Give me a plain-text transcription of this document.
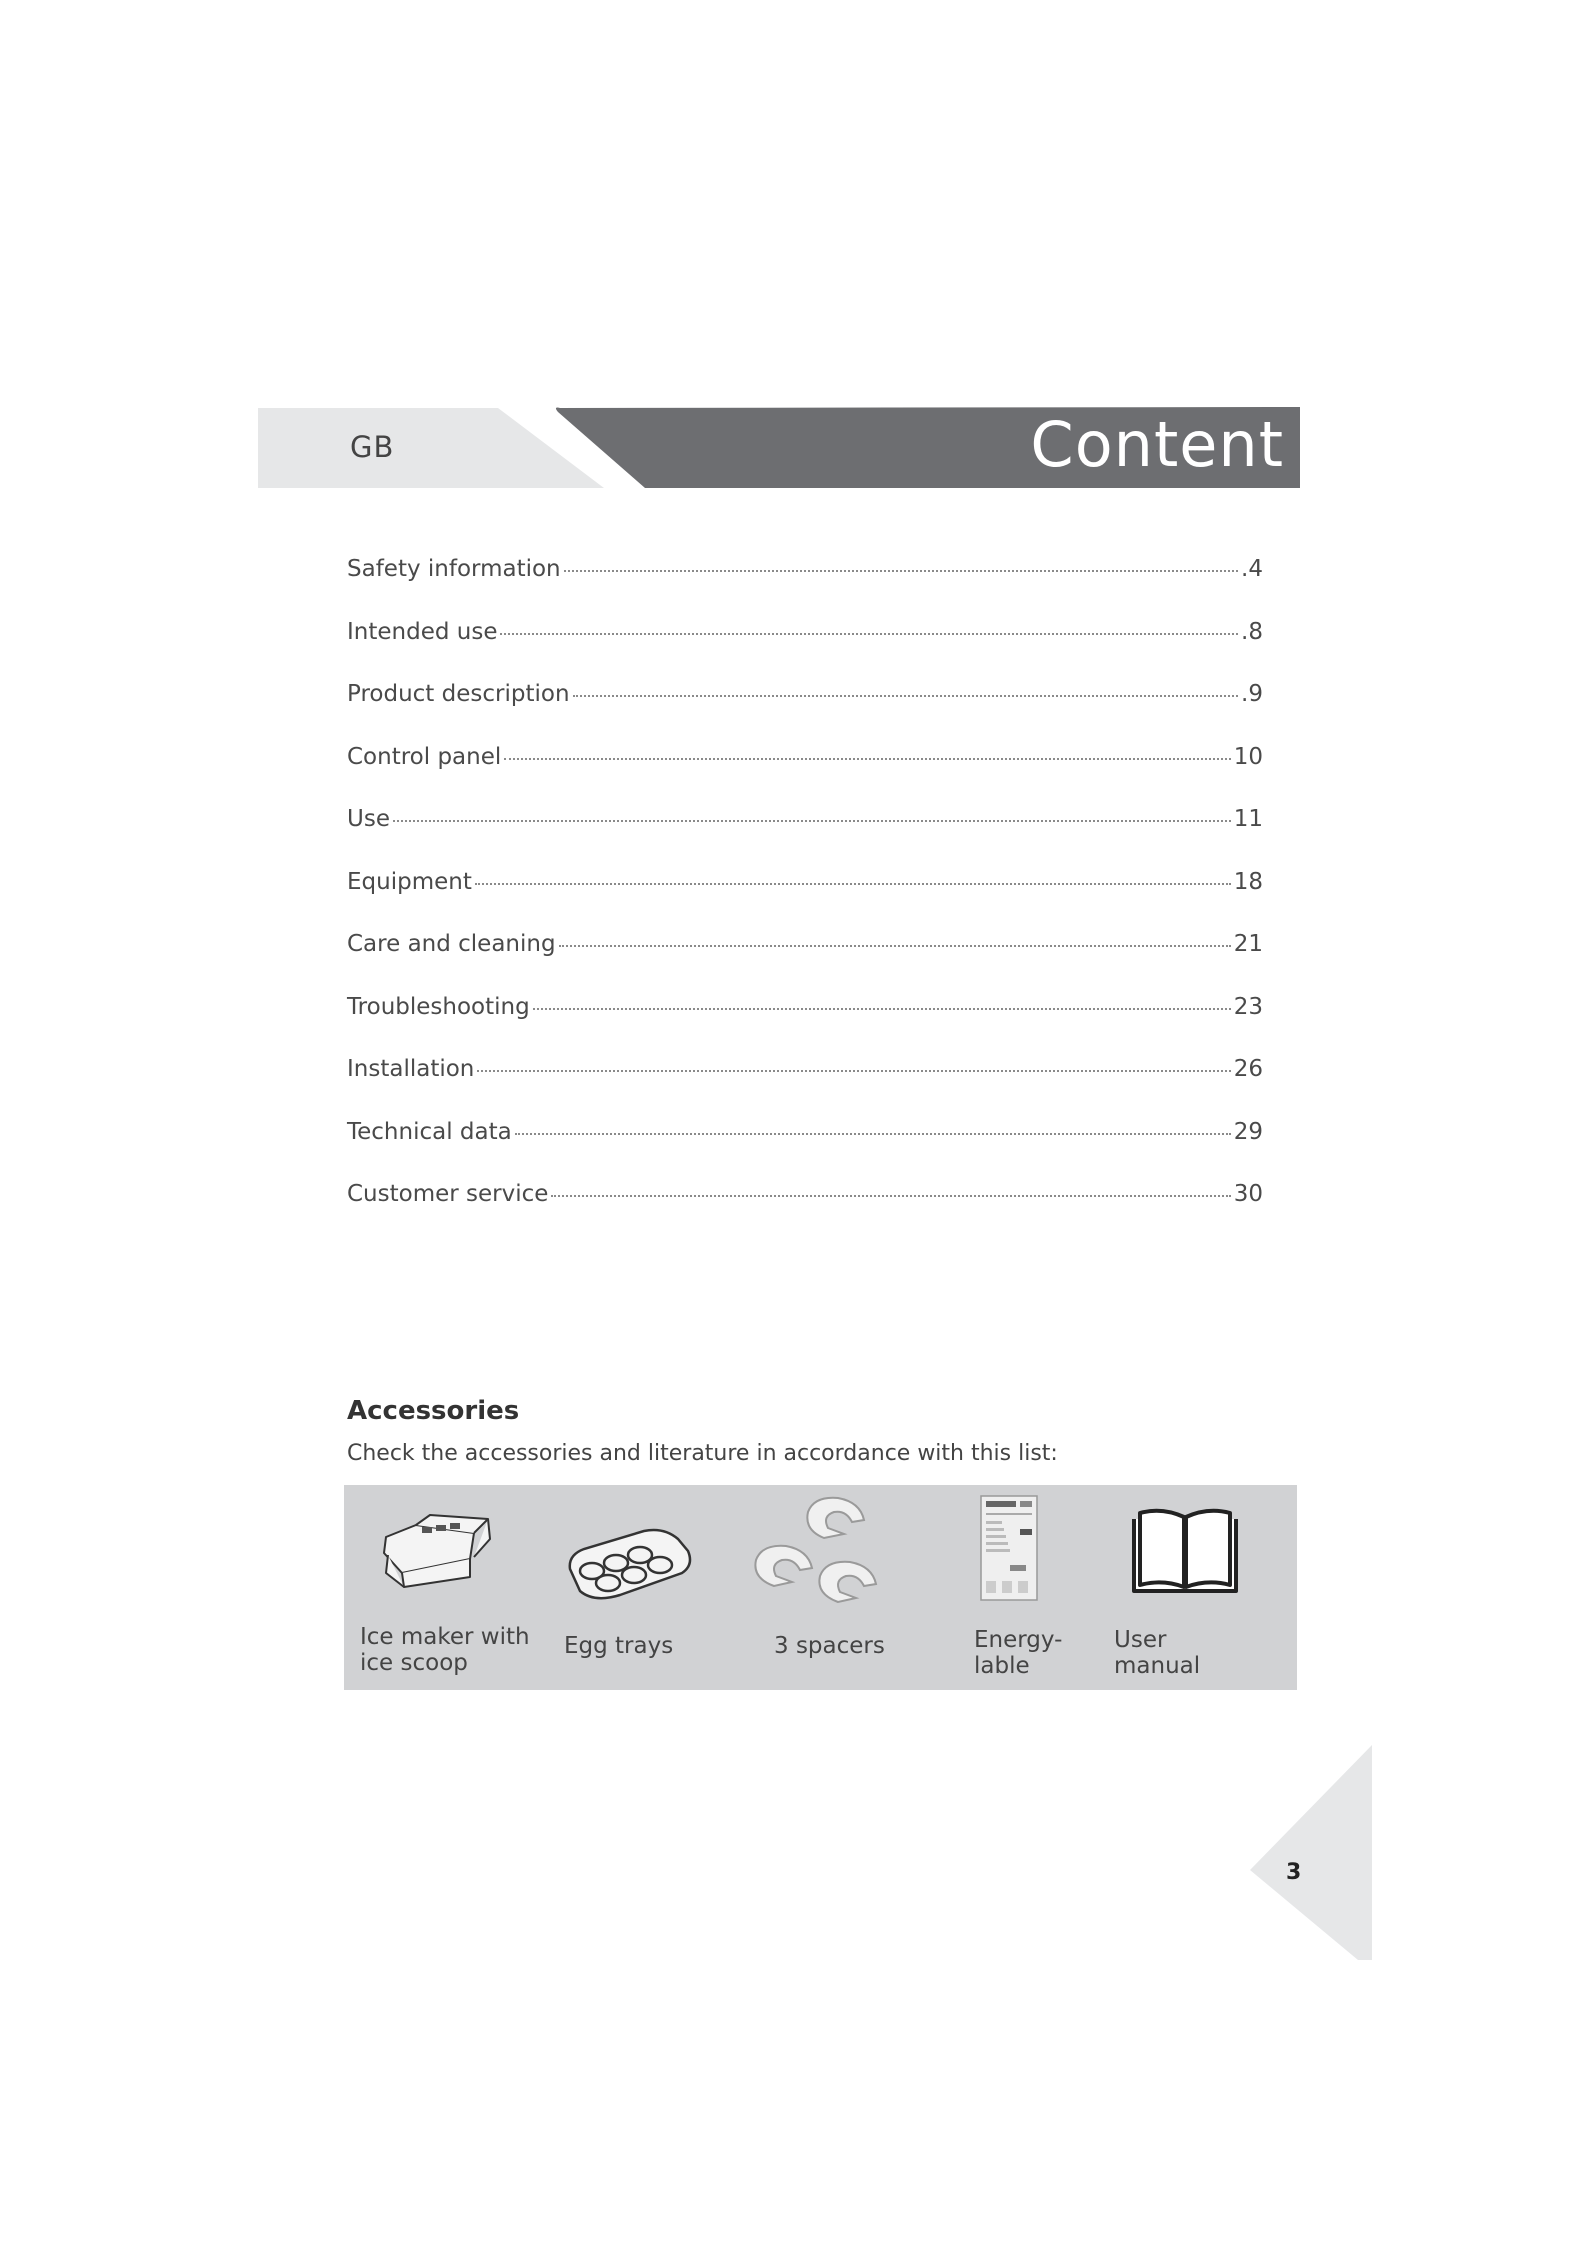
GB	Content
Safety information	.4
Intended use	.8
Product description	.9
Control panel	10
Use	11
Equipment	18
Care and cleaning	21
Troubleshooting	23
Installation	26
Technical data	29
Customer service	30
Accessories

Check the accessories and literature in accordance with this list:

Ice maker with
ice scoop
Egg trays	3 spacers	Energy-
lable
User
manual
3
